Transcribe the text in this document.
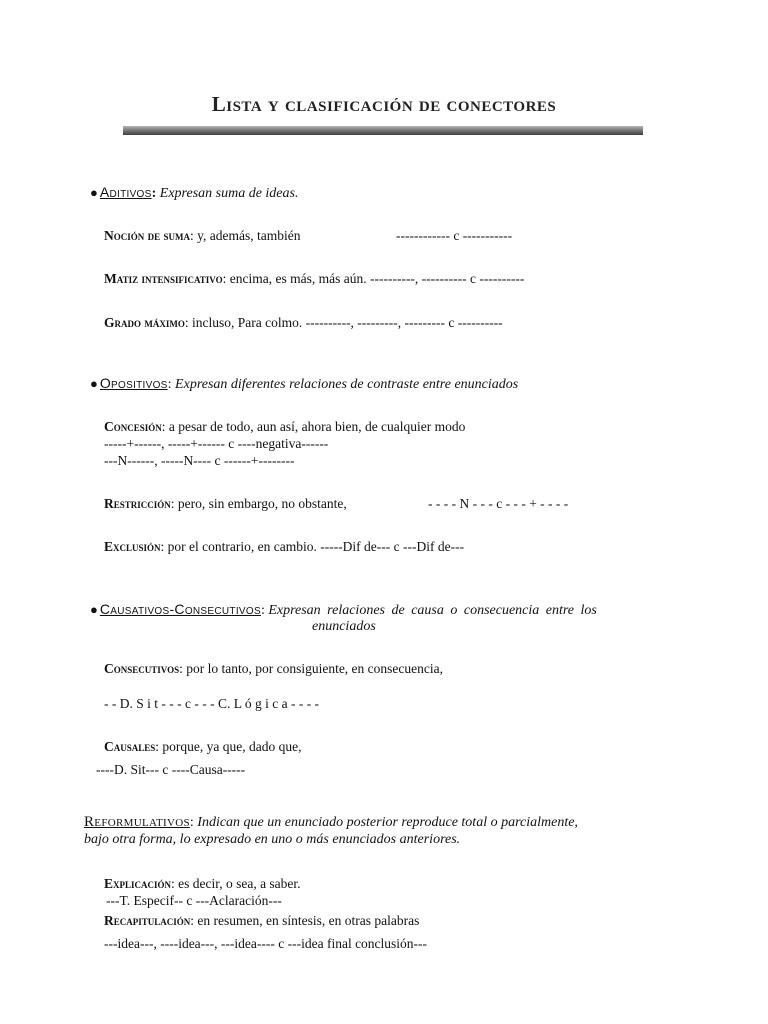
Lista y clasificación de conectores
● Aditivos: Expresan suma de ideas.
Noción de suma: y, además, también	------------ c -----------
Matiz intensificativo: encima, es más, más aún. ----------, ---------- c ----------
Grado máximo: incluso, Para colmo. ----------, ---------, --------- c ----------
● Opositivos: Expresan diferentes relaciones de contraste entre enunciados
Concesión: a pesar de todo, aun así, ahora bien, de cualquier modo
-----+------, -----+------ c ----negativa------
---N------, -----N---- c ------+--------
Restricción: pero, sin embargo, no obstante,	- - - - N - - - c - - - + - - - -
Exclusión: por el contrario, en cambio. -----Dif de--- c ---Dif de---
● Causativos-Consecutivos: Expresan relaciones de causa o consecuencia entre los
enunciados
Consecutivos: por lo tanto, por consiguiente, en consecuencia,
- - D. S i t - - - c - - - C. L ó g i c a - - - -
Causales: porque, ya que, dado que,
----D. Sit--- c ----Causa-----
Reformulativos: Indican que un enunciado posterior reproduce total o parcialmente,
bajo otra forma, lo expresado en uno o más enunciados anteriores.
Explicación: es decir, o sea, a saber.
---T. Especif-- c ---Aclaración---
Recapitulación: en resumen, en síntesis, en otras palabras
---idea---, ----idea---, ---idea---- c ---idea final conclusión---
